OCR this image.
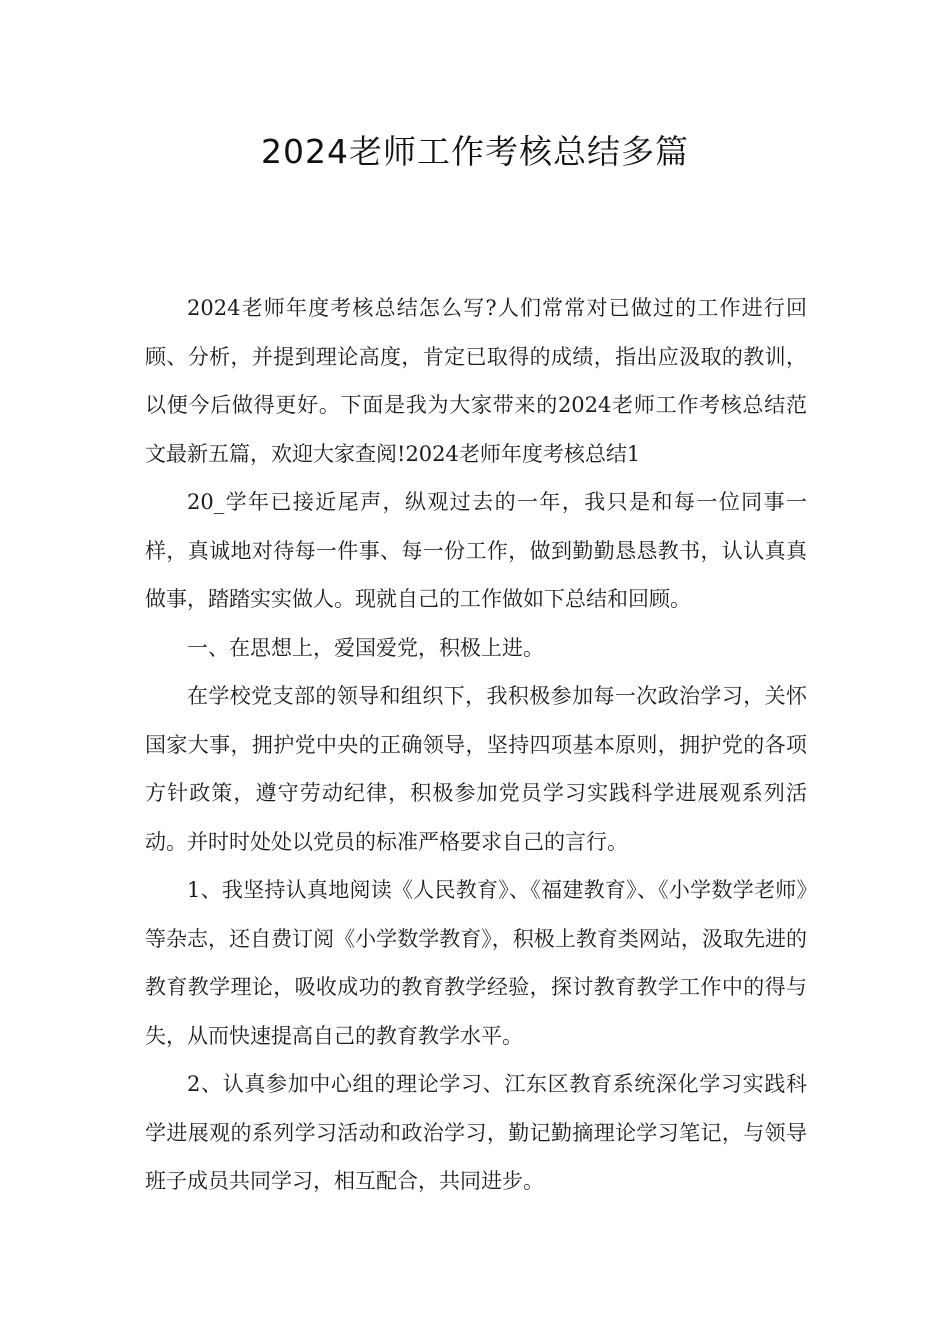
2024老师工作考核总结多篇

2024老师年度考核总结怎么写?人们常常对已做过的工作进行回顾、分析，并提到理论高度，肯定已取得的成绩，指出应汲取的教训，以便今后做得更好。下面是我为大家带来的2024老师工作考核总结范文最新五篇，欢迎大家查阅!2024老师年度考核总结1

20_学年已接近尾声，纵观过去的一年，我只是和每一位同事一样，真诚地对待每一件事、每一份工作，做到勤勤恳恳教书，认认真真做事，踏踏实实做人。现就自己的工作做如下总结和回顾。

一、在思想上，爱国爱党，积极上进。

在学校党支部的领导和组织下，我积极参加每一次政治学习，关怀国家大事，拥护党中央的正确领导，坚持四项基本原则，拥护党的各项方针政策，遵守劳动纪律，积极参加党员学习实践科学进展观系列活动。并时时处处以党员的标准严格要求自己的言行。

1、我坚持认真地阅读《人民教育》、《福建教育》、《小学数学老师》等杂志，还自费订阅《小学数学教育》，积极上教育类网站，汲取先进的教育教学理论，吸收成功的教育教学经验，探讨教育教学工作中的得与失，从而快速提高自己的教育教学水平。

2、认真参加中心组的理论学习、江东区教育系统深化学习实践科学进展观的系列学习活动和政治学习，勤记勤摘理论学习笔记，与领导班子成员共同学习，相互配合，共同进步。
